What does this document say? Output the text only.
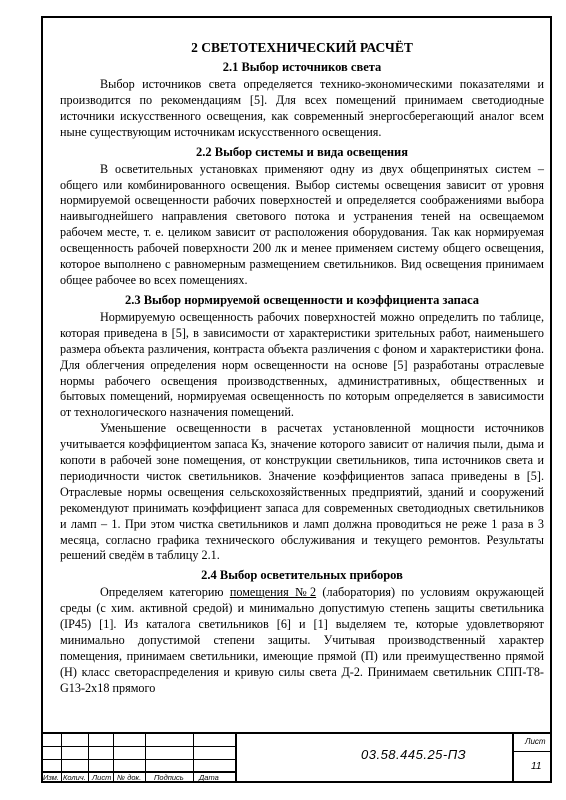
2 СВЕТОТЕХНИЧЕСКИЙ РАСЧЁТ
2.1 Выбор источников света

Выбор источников света определяется технико-экономическими показателями и производится по рекомендациям [5]. Для всех помещений принимаем светодиодные источники искусственного освещения, как современный энергосберегающий аналог всем ныне существующим источникам искусственного освещения.

2.2 Выбор системы и вида освещения

В осветительных установках применяют одну из двух общепринятых систем – общего или комбинированного освещения. Выбор системы освещения зависит от уровня нормируемой освещенности рабочих поверхностей и определяется соображениями выбора наивыгоднейшего направления светового потока и устранения теней на освещаемом рабочем месте, т. е. целиком зависит от расположения оборудования. Так как нормируемая освещенность рабочей поверхности 200 лк и менее применяем систему общего освещения, которое выполнено с равномерным размещением светильников. Вид освещения принимаем общее рабочее во всех помещениях.

2.3 Выбор нормируемой освещенности и коэффициента запаса

Нормируемую освещенность рабочих поверхностей можно определить по таблице, которая приведена в [5], в зависимости от характеристики зрительных работ, наименьшего размера объекта различения, контраста объекта различения с фоном и характеристики фона. Для облегчения определения норм освещенности на основе [5] разработаны отраслевые нормы рабочего освещения производственных, административных, общественных и бытовых помещений, нормируемая освещенность по которым определяется в зависимости от технологического назначения помещений.

Уменьшение освещенности в расчетах установленной мощности источников учитывается коэффициентом запаса Кз, значение которого зависит от наличия пыли, дыма и копоти в рабочей зоне помещения, от конструкции светильников, типа источников света и периодичности чисток светильников. Значение коэффициентов запаса приведены в [5]. Отраслевые нормы освещения сельскохозяйственных предприятий, зданий и сооружений рекомендуют принимать коэффициент запаса для современных светодиодных светильников и ламп – 1. При этом чистка светильников и ламп должна проводиться не реже 1 раза в 3 месяца, согласно графика технического обслуживания и текущего ремонтов. Результаты решений сведём в таблицу 2.1.

2.4 Выбор осветительных приборов

Определяем категорию помещения №2 (лаборатория) по условиям окружающей среды (с хим. активной средой) и минимально допустимую степень защиты светильника (IP45) [1]. Из каталога светильников [6] и [1] выделяем те, которые удовлетворяют минимально допустимой степени защиты. Учитывая производственный характер помещения, принимаем светильники, имеющие прямой (П) или преимущественно прямой (Н) класс светораспределения и кривую силы света Д-2. Принимаем светильник СПП-Т8-G13-2х18 прямого

Изм. Колич. Лист № док. Подпись Дата
03.58.445.25-ПЗ
Лист
11
